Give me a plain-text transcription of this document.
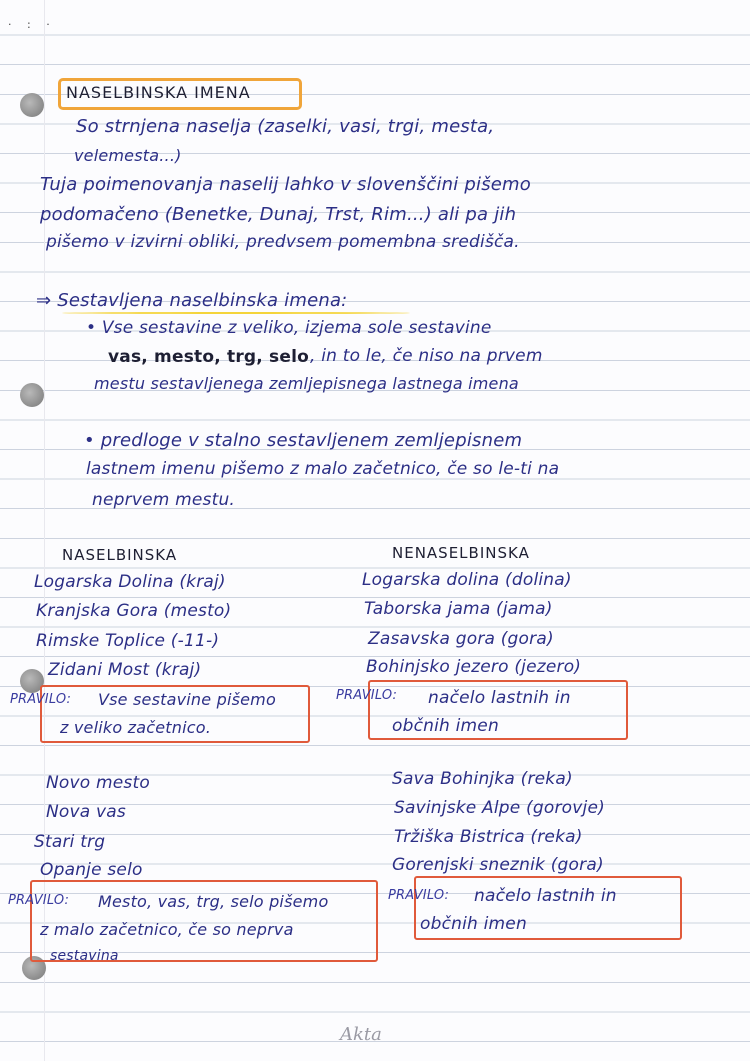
· : ·
NASELBINSKA IMENA
So strnjena naselja (zaselki, vasi, trgi, mesta,
velemesta...)
Tuja poimenovanja naselij lahko v slovenščini pišemo
podomačeno (Benetke, Dunaj, Trst, Rim...) ali pa jih
pišemo v izvirni obliki, predvsem pomembna središča.
⇒ Sestavljena naselbinska imena:
• Vse sestavine z veliko, izjema sole sestavine
vas, mesto, trg, selo , in to le, če niso na prvem
mestu sestavljenega zemljepisnega lastnega imena
• predloge v stalno sestavljenem zemljepisnem
lastnem imenu pišemo z malo začetnico, če so le-ti na
neprvem mestu.
NASELBINSKA
Logarska Dolina (kraj)
Kranjska Gora (mesto)
Rimske Toplice (-11-)
Zidani Most (kraj)
PRAVILO: Vse sestavine pišemo
z veliko začetnico.
NENASELBINSKA
Logarska dolina (dolina)
Taborska jama (jama)
Zasavska gora (gora)
Bohinjsko jezero (jezero)
PRAVILO: načelo lastnih in
občnih imen
Novo mesto
Nova vas
Stari trg
Opanje selo
PRAVILO: Mesto, vas, trg, selo pišemo
z malo začetnico, če so neprva
sestavina
Sava Bohinjka (reka)
Savinjske Alpe (gorovje)
Tržiška Bistrica (reka)
Gorenjski sneznik (gora)
PRAVILO: načelo lastnih in
občnih imen
Akta
